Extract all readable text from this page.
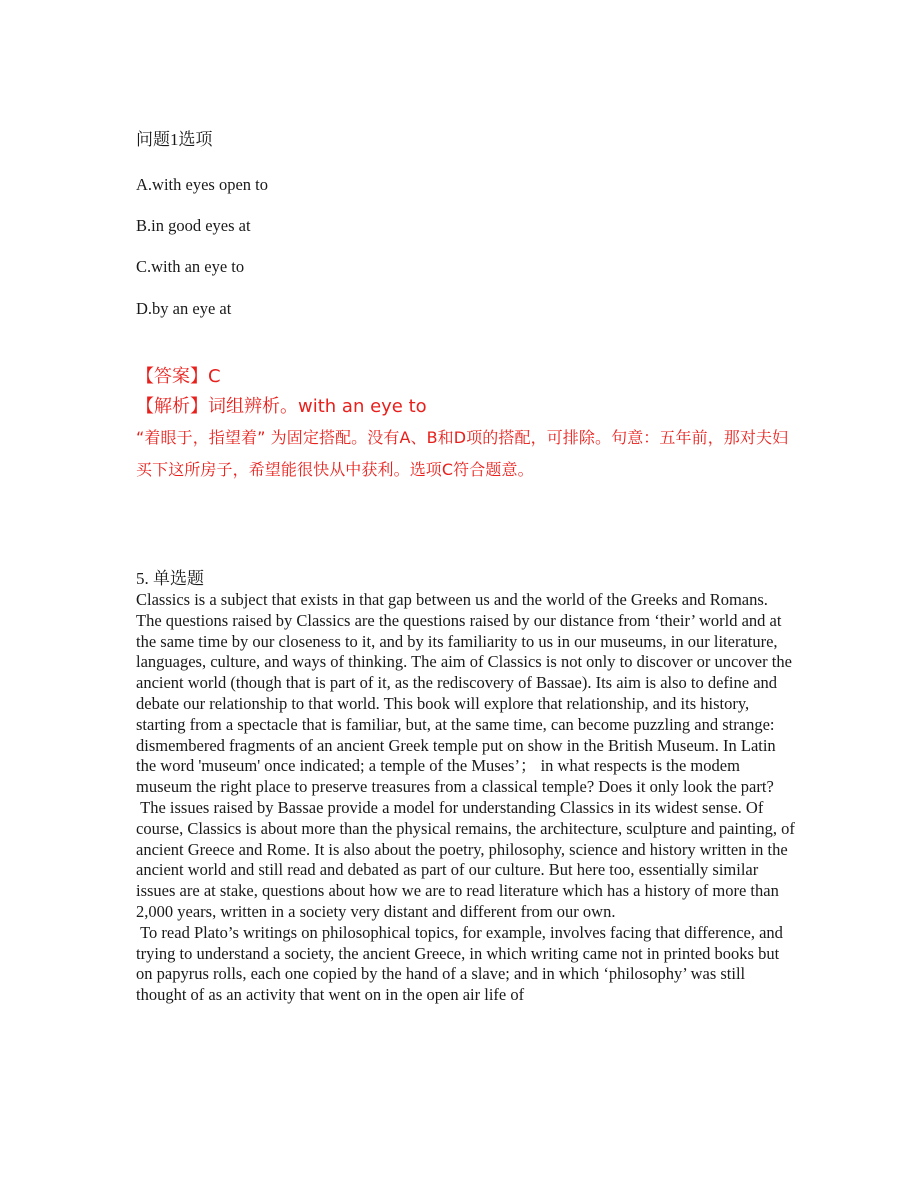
问题1选项

A.with eyes open to

B.in good eyes at

C.with an eye to

D.by an eye at

【答案】C

【解析】词组辨析。with an eye to

“着眼于，指望着” 为固定搭配。没有A、B和D项的搭配，可排除。句意：五年前，那对夫妇买下这所房子，希望能很快从中获利。选项C符合题意。

5. 单选题

Classics is a subject that exists in that gap between us and the world of the Greeks and Romans. The questions raised by Classics are the questions raised by our distance from ‘their’ world and at the same time by our closeness to it, and by its familiarity to us in our museums, in our literature, languages, culture, and ways of thinking. The aim of Classics is not only to discover or uncover the ancient world (though that is part of it, as the rediscovery of Bassae). Its aim is also to define and debate our relationship to that world. This book will explore that relationship, and its history, starting from a spectacle that is familiar, but, at the same time, can become puzzling and strange: dismembered fragments of an ancient Greek temple put on show in the British Museum. In Latin the word 'museum' once indicated; a temple of the Muses’； in what respects is the modem museum the right place to preserve treasures from a classical temple? Does it only look the part?

The issues raised by Bassae provide a model for understanding Classics in its widest sense. Of course, Classics is about more than the physical remains, the architecture, sculpture and painting, of ancient Greece and Rome. It is also about the poetry, philosophy, science and history written in the ancient world and still read and debated as part of our culture. But here too, essentially similar issues are at stake, questions about how we are to read literature which has a history of more than 2,000 years, written in a society very distant and different from our own.

To read Plato’s writings on philosophical topics, for example, involves facing that difference, and trying to understand a society, the ancient Greece, in which writing came not in printed books but on papyrus rolls, each one copied by the hand of a slave; and in which ‘philosophy’ was still thought of as an activity that went on in the open air life of
